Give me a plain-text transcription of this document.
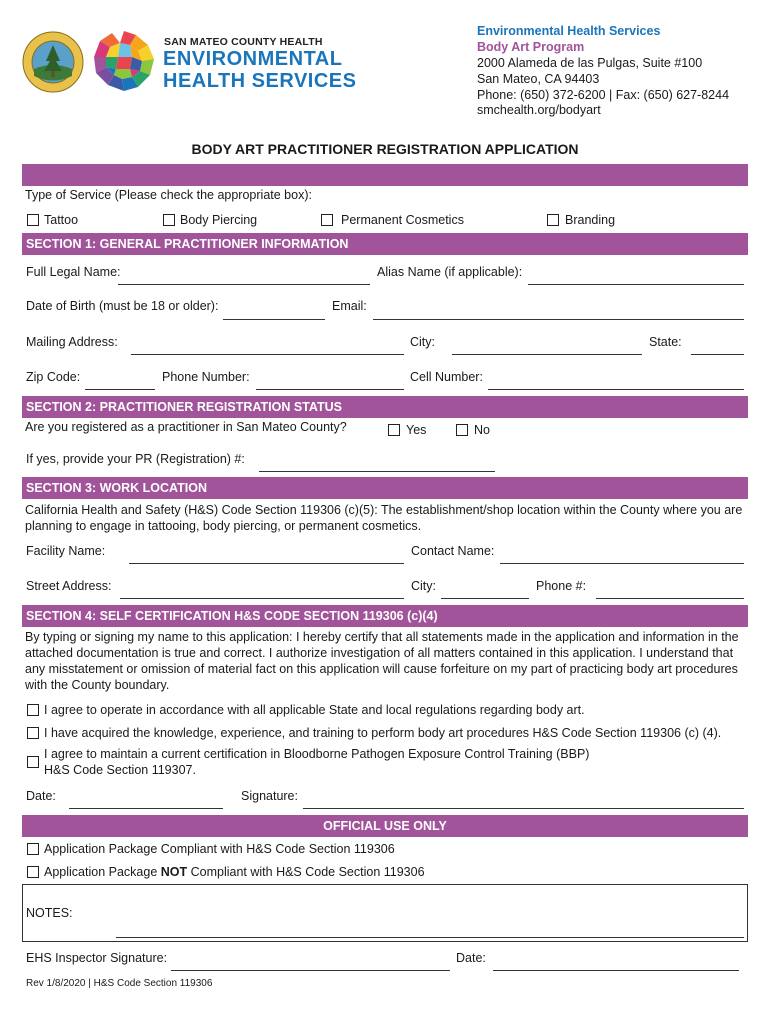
SAN MATEO COUNTY HEALTH
ENVIRONMENTAL
HEALTH SERVICES
Environmental Health Services
Body Art Program
2000 Alameda de las Pulgas, Suite #100
San Mateo, CA 94403
Phone: (650) 372-6200 | Fax: (650) 627-8244
smchealth.org/bodyart
BODY ART PRACTITIONER REGISTRATION APPLICATION
Type of Service (Please check the appropriate box):
Tattoo	Body Piercing	Permanent Cosmetics	Branding
SECTION 1: GENERAL PRACTITIONER INFORMATION
Full Legal Name:	Alias Name (if applicable):
Date of Birth (must be 18 or older):	Email:
Mailing Address:	City:	State:
Zip Code:	Phone Number:	Cell Number:
SECTION 2: PRACTITIONER REGISTRATION STATUS
Are you registered as a practitioner in San Mateo County?	Yes	No
If yes, provide your PR (Registration) #:
SECTION 3: WORK LOCATION
California Health and Safety (H&S) Code Section 119306 (c)(5): The establishment/shop location within the County where you are planning to engage in tattooing, body piercing, or permanent cosmetics.
Facility Name:	Contact Name:
Street Address:	City:	Phone #:
SECTION 4: SELF CERTIFICATION H&S CODE SECTION 119306 (c)(4)
By typing or signing my name to this application: I hereby certify that all statements made in the application and information in the attached documentation is true and correct. I authorize investigation of all matters contained in this application. I understand that any misstatement or omission of material fact on this application will cause forfeiture on my part of practicing body art procedures with the County boundary.
I agree to operate in accordance with all applicable State and local regulations regarding body art.
I have acquired the knowledge, experience, and training to perform body art procedures H&S Code Section 119306 (c) (4).
I agree to maintain a current certification in Bloodborne Pathogen Exposure Control Training (BBP)
H&S Code Section 119307.
Date:	Signature:
OFFICIAL USE ONLY
Application Package Compliant with H&S Code Section 119306
Application Package NOT Compliant with H&S Code Section 119306
NOTES:
EHS Inspector Signature:	Date:
Rev 1/8/2020 | H&S Code Section 119306
